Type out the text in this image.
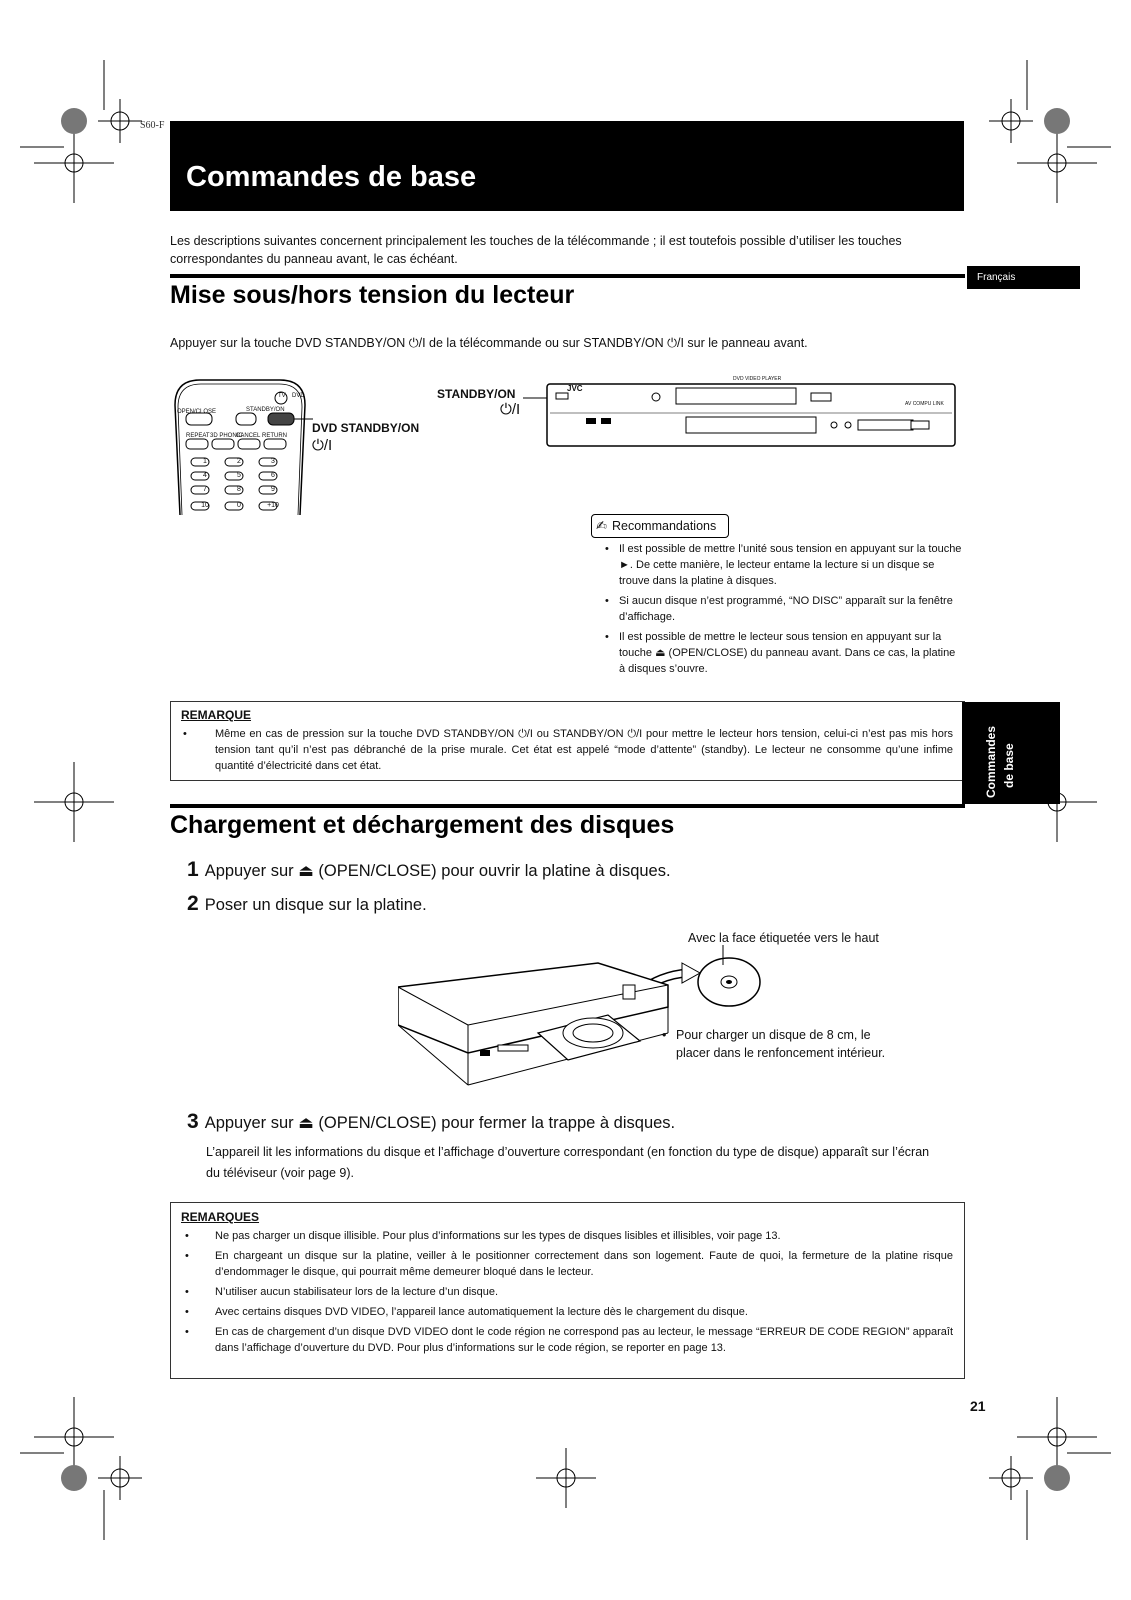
S60-F
Commandes de base
Les descriptions suivantes concernent principalement les touches de la télécommande ; il est toutefois possible d’utiliser les touches correspondantes du panneau avant, le cas échéant.
Français
Mise sous/hors tension du lecteur
Appuyer sur la touche DVD STANDBY/ON ⏻/I de la télécommande ou sur STANDBY/ON ⏻/I sur le panneau avant.
OPEN/CLOSE
TV DVD
STANDBY/ON
REPEAT 3D PHONIC
CANCEL RETURN
1	2	3
4	5	6
7	8	9
10	0	+10
STANDBY/ON
⏻/I
DVD STANDBY/ON
⏻/I
JVC
DVD VIDEO PLAYER
AV COMPU LINK
✍ Recommandations
• Il est possible de mettre l’unité sous tension en appuyant sur la touche ►. De cette manière, le lecteur entame la lecture si un disque se trouve dans la platine à disques.
• Si aucun disque n’est programmé, “NO DISC” apparaît sur la fenêtre d’affichage.
• Il est possible de mettre le lecteur sous tension en appuyant sur la touche ⏏ (OPEN/CLOSE) du panneau avant. Dans ce cas, la platine à disques s’ouvre.
REMARQUE
•	Même en cas de pression sur la touche DVD STANDBY/ON ⏻/I ou STANDBY/ON ⏻/I pour mettre le lecteur hors tension, celui-ci n’est pas mis hors tension tant qu’il n’est pas débranché de la prise murale. Cet état est appelé “mode d’attente” (standby). Le lecteur ne consomme qu’une infime quantité d’électricité dans cet état.	Commandes de base
Chargement et déchargement des disques
1 Appuyer sur ⏏ (OPEN/CLOSE) pour ouvrir la platine à disques.
2 Poser un disque sur la platine.
Avec la face étiquetée vers le haut
• Pour charger un disque de 8 cm, le placer dans le renfoncement intérieur.
3 Appuyer sur ⏏ (OPEN/CLOSE) pour fermer la trappe à disques.
L’appareil lit les informations du disque et l’affichage d’ouverture correspondant (en fonction du type de disque) apparaît sur l’écran du téléviseur (voir page 9).
REMARQUES
• Ne pas charger un disque illisible. Pour plus d’informations sur les types de disques lisibles et illisibles, voir page 13.
• En chargeant un disque sur la platine, veiller à le positionner correctement dans son logement. Faute de quoi, la fermeture de la platine risque d’endommager le disque, qui pourrait même demeurer bloqué dans le lecteur.
• N’utiliser aucun stabilisateur lors de la lecture d’un disque.
• Avec certains disques DVD VIDEO, l’appareil lance automatiquement la lecture dès le chargement du disque.
• En cas de chargement d’un disque DVD VIDEO dont le code région ne correspond pas au lecteur, le message “ERREUR DE CODE REGION” apparaît dans l’affichage d’ouverture du DVD. Pour plus d’informations sur le code région, se reporter en page 13.
21
